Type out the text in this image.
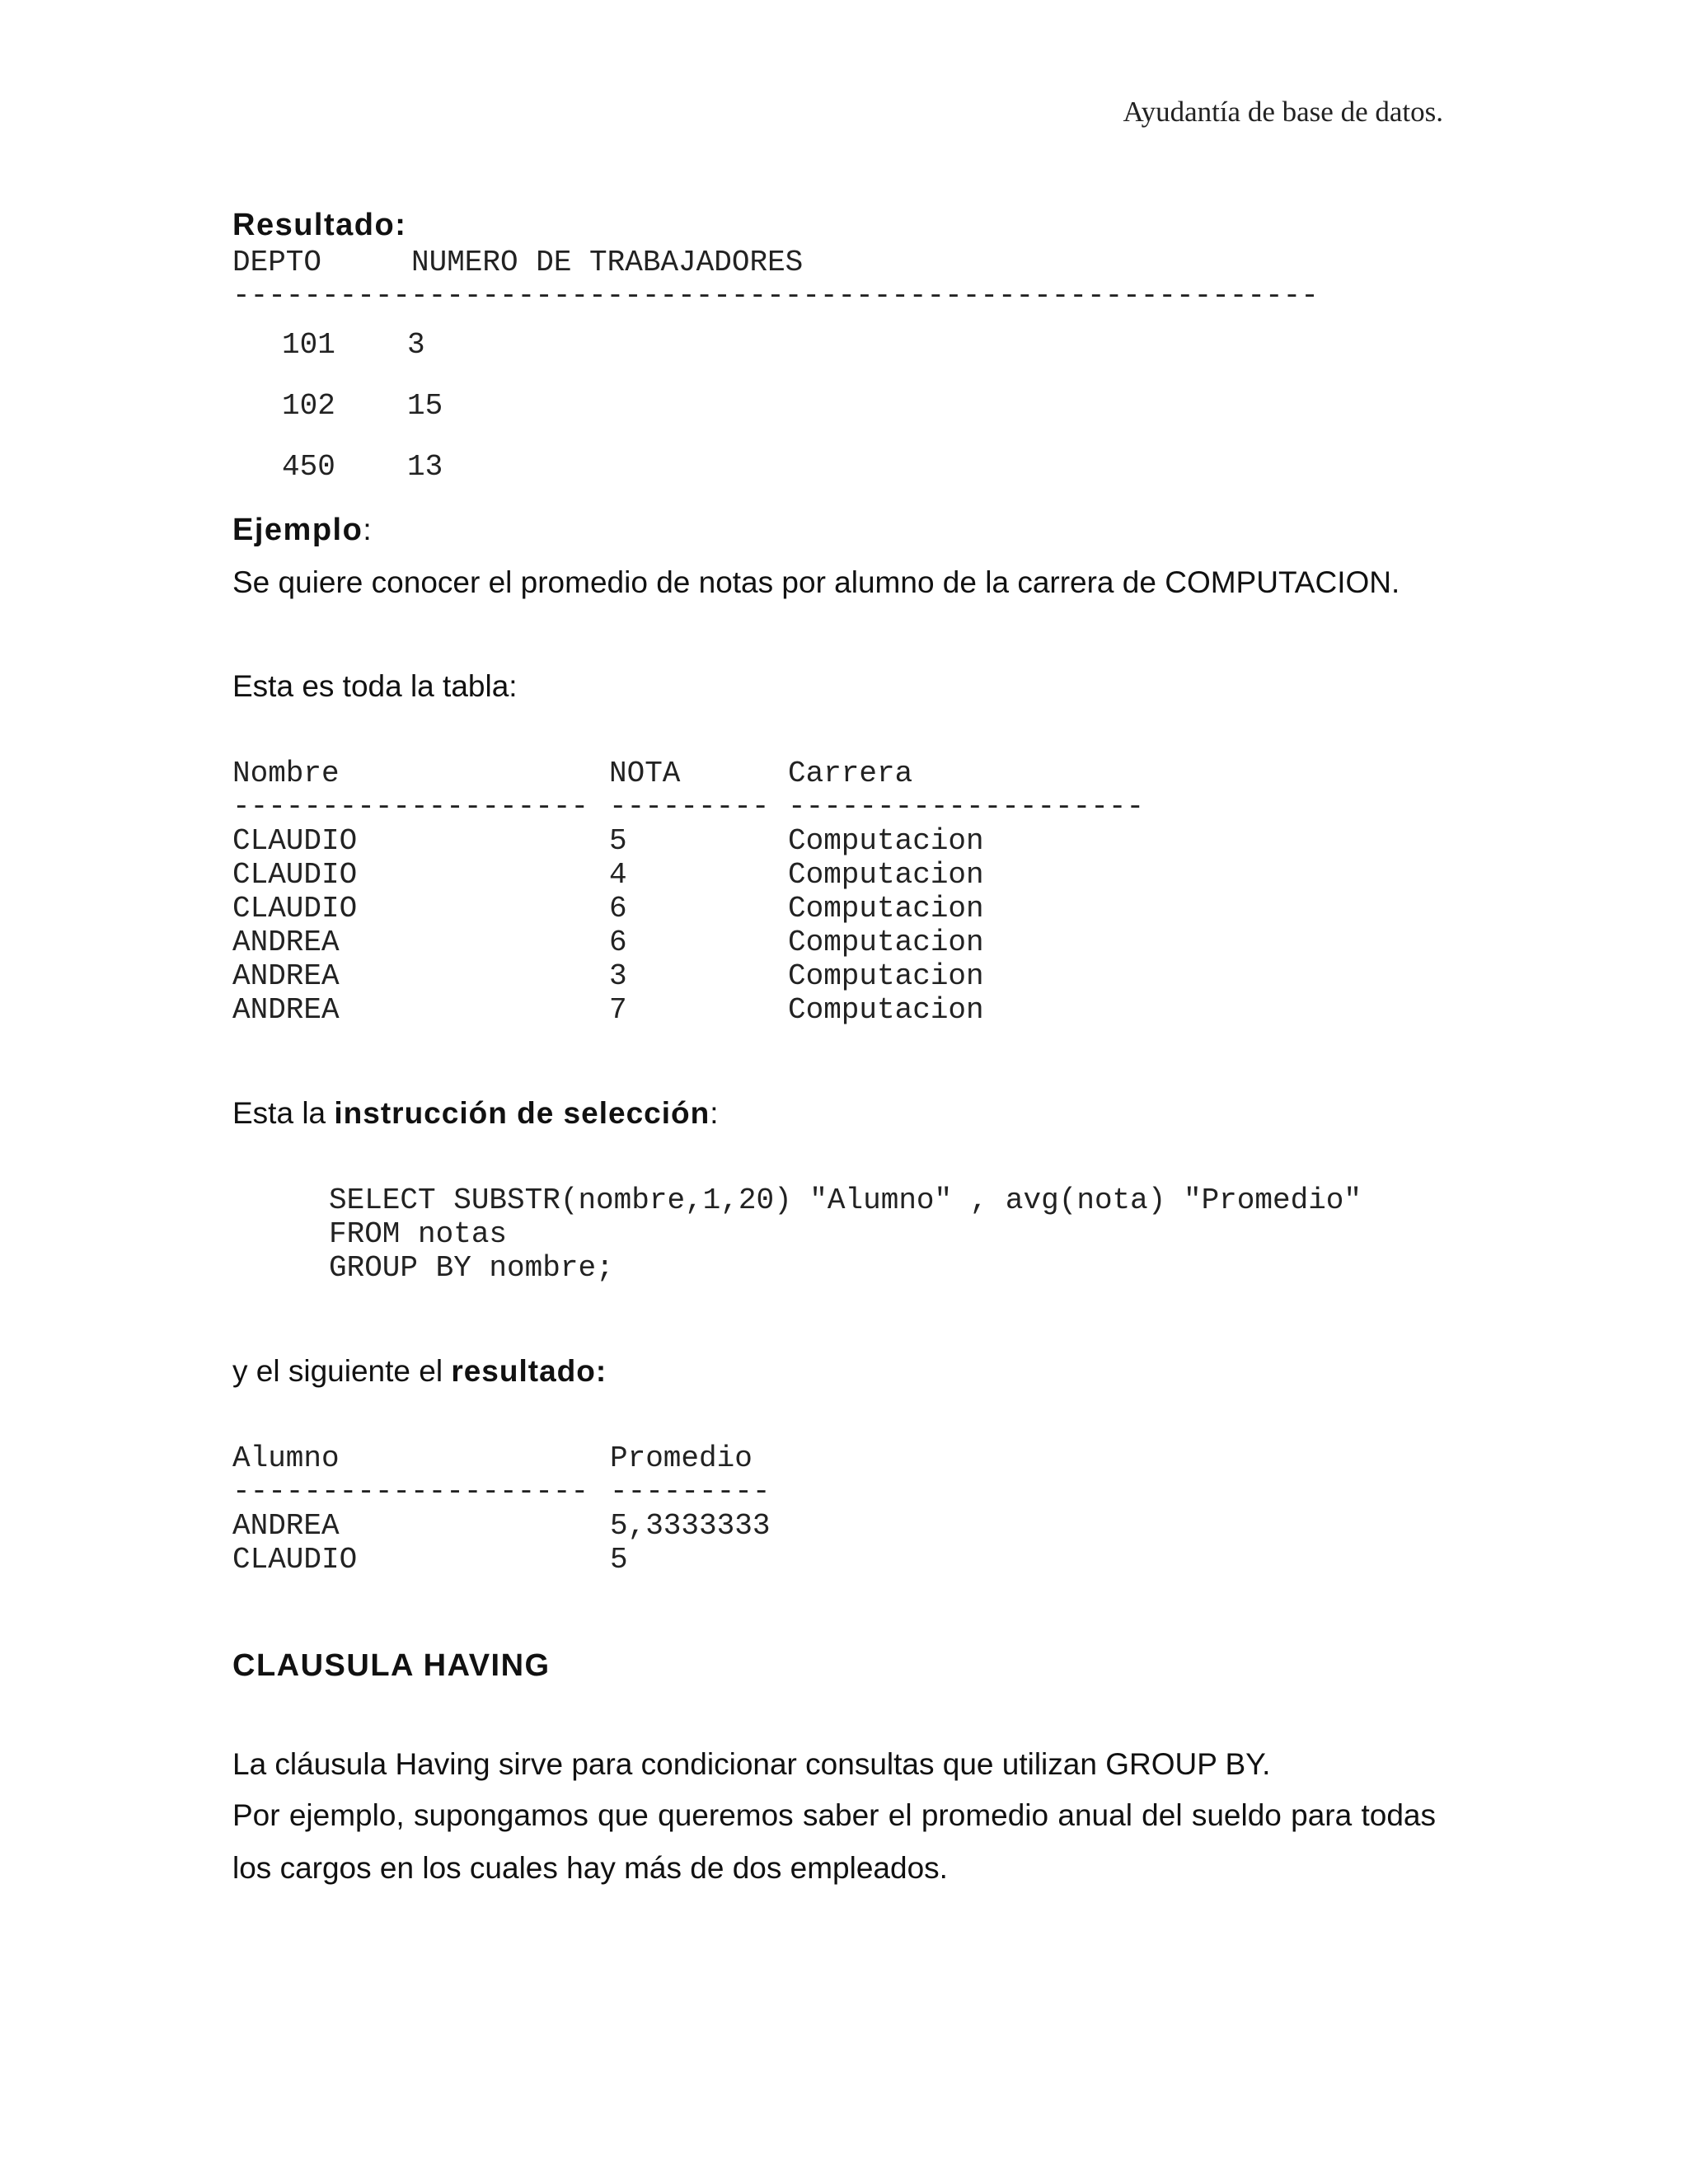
Ayudantía de base de datos.
Resultado:
DEPTO	NUMERO DE TRABAJADORES
-------------------------------------------------------------
101 3
102 15
450 13
Ejemplo:
Se quiere conocer el promedio de notas por alumno de la carrera de COMPUTACION.
Esta es toda la tabla:
Nombre	NOTA	Carrera
-------------------- --------- --------------------
CLAUDIO	5	Computacion
CLAUDIO	4	Computacion
CLAUDIO	6	Computacion
ANDREA	6	Computacion
ANDREA	3	Computacion
ANDREA	7	Computacion
Esta la instrucción de selección:
SELECT SUBSTR(nombre,1,20) "Alumno" , avg(nota) "Promedio"
FROM notas
GROUP BY nombre;
y el siguiente el resultado:
Alumno	Promedio
-------------------- ---------
ANDREA	5,3333333
CLAUDIO	5
CLAUSULA HAVING
La cláusula Having sirve para condicionar consultas que utilizan GROUP BY.

Por ejemplo, supongamos que queremos saber el promedio anual del sueldo para todas los cargos en los cuales hay más de dos empleados.
